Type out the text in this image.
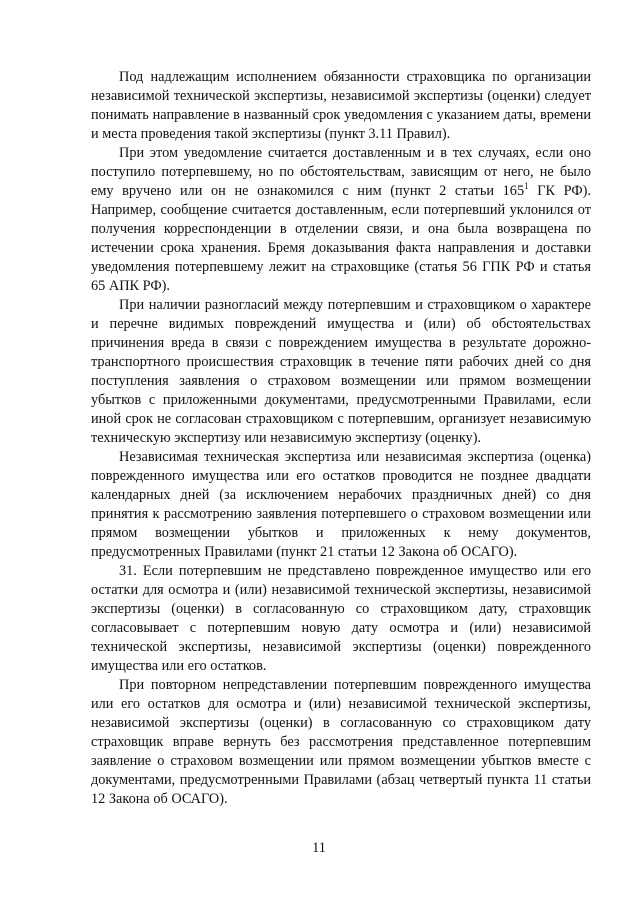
Под надлежащим исполнением обязанности страховщика по организации независимой технической экспертизы, независимой экспертизы (оценки) следует понимать направление в названный срок уведомления с указанием даты, времени и места проведения такой экспертизы (пункт 3.11 Правил).

При этом уведомление считается доставленным и в тех случаях, если оно поступило потерпевшему, но по обстоятельствам, зависящим от него, не было ему вручено или он не ознакомился с ним (пункт 2 статьи $165^1$ ГК РФ). Например, сообщение считается доставленным, если потерпевший уклонился от получения корреспонденции в отделении связи, и она была возвращена по истечении срока хранения. Бремя доказывания факта направления и доставки уведомления потерпевшему лежит на страховщике (статья 56 ГПК РФ и статья 65 АПК РФ).

При наличии разногласий между потерпевшим и страховщиком о характере и перечне видимых повреждений имущества и (или) об обстоятельствах причинения вреда в связи с повреждением имущества в результате дорожно-транспортного происшествия страховщик в течение пяти рабочих дней со дня поступления заявления о страховом возмещении или прямом возмещении убытков с приложенными документами, предусмотренными Правилами, если иной срок не согласован страховщиком с потерпевшим, организует независимую техническую экспертизу или независимую экспертизу (оценку).

Независимая техническая экспертиза или независимая экспертиза (оценка) поврежденного имущества или его остатков проводится не позднее двадцати календарных дней (за исключением нерабочих праздничных дней) со дня принятия к рассмотрению заявления потерпевшего о страховом возмещении или прямом возмещении убытков и приложенных к нему документов, предусмотренных Правилами (пункт 21 статьи 12 Закона об ОСАГО).

31. Если потерпевшим не представлено поврежденное имущество или его остатки для осмотра и (или) независимой технической экспертизы, независимой экспертизы (оценки) в согласованную со страховщиком дату, страховщик согласовывает с потерпевшим новую дату осмотра и (или) независимой технической экспертизы, независимой экспертизы (оценки) поврежденного имущества или его остатков.

При повторном непредставлении потерпевшим поврежденного имущества или его остатков для осмотра и (или) независимой технической экспертизы, независимой экспертизы (оценки) в согласованную со страховщиком дату страховщик вправе вернуть без рассмотрения представленное потерпевшим заявление о страховом возмещении или прямом возмещении убытков вместе с документами, предусмотренными Правилами (абзац четвертый пункта 11 статьи 12 Закона об ОСАГО).

11
